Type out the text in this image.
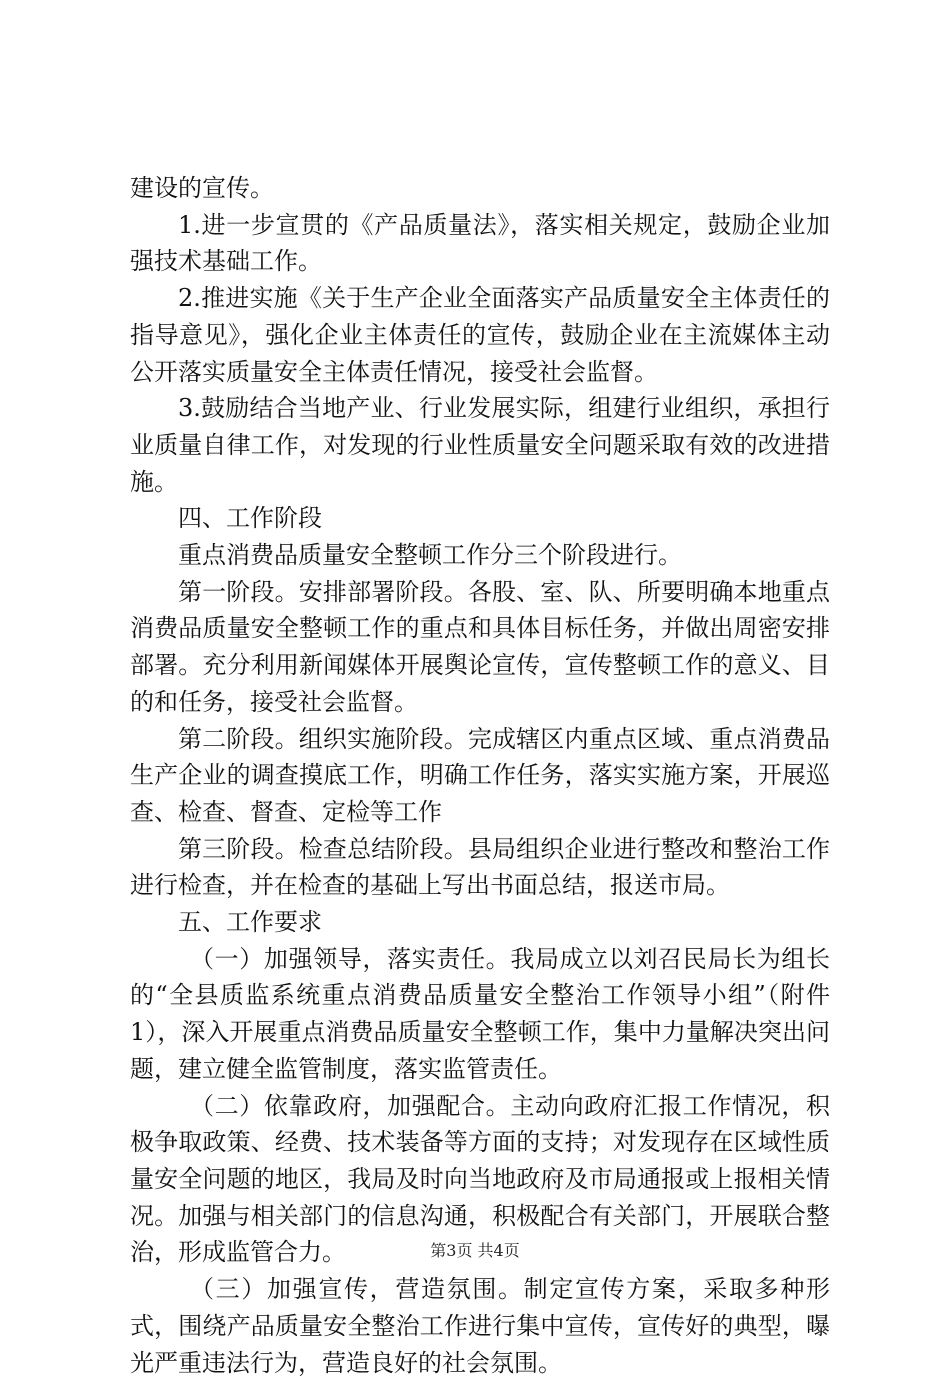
建设的宣传。

1.进一步宣贯的《产品质量法》，落实相关规定，鼓励企业加强技术基础工作。

2.推进实施《关于生产企业全面落实产品质量安全主体责任的指导意见》，强化企业主体责任的宣传，鼓励企业在主流媒体主动公开落实质量安全主体责任情况，接受社会监督。

3.鼓励结合当地产业、行业发展实际，组建行业组织，承担行业质量自律工作，对发现的行业性质量安全问题采取有效的改进措施。

四、工作阶段

重点消费品质量安全整顿工作分三个阶段进行。

第一阶段。安排部署阶段。各股、室、队、所要明确本地重点消费品质量安全整顿工作的重点和具体目标任务，并做出周密安排部署。充分利用新闻媒体开展舆论宣传，宣传整顿工作的意义、目的和任务，接受社会监督。

第二阶段。组织实施阶段。完成辖区内重点区域、重点消费品生产企业的调查摸底工作，明确工作任务，落实实施方案，开展巡查、检查、督查、定检等工作

第三阶段。检查总结阶段。县局组织企业进行整改和整治工作进行检查，并在检查的基础上写出书面总结，报送市局。

五、工作要求

（一）加强领导，落实责任。我局成立以刘召民局长为组长的“全县质监系统重点消费品质量安全整治工作领导小组”（附件1），深入开展重点消费品质量安全整顿工作，集中力量解决突出问题，建立健全监管制度，落实监管责任。

（二）依靠政府，加强配合。主动向政府汇报工作情况，积极争取政策、经费、技术装备等方面的支持；对发现存在区域性质量安全问题的地区，我局及时向当地政府及市局通报或上报相关情况。加强与相关部门的信息沟通，积极配合有关部门，开展联合整治，形成监管合力。

（三）加强宣传，营造氛围。制定宣传方案，采取多种形式，围绕产品质量安全整治工作进行集中宣传，宣传好的典型，曝光严重违法行为，营造良好的社会氛围。

第3页 共4页
